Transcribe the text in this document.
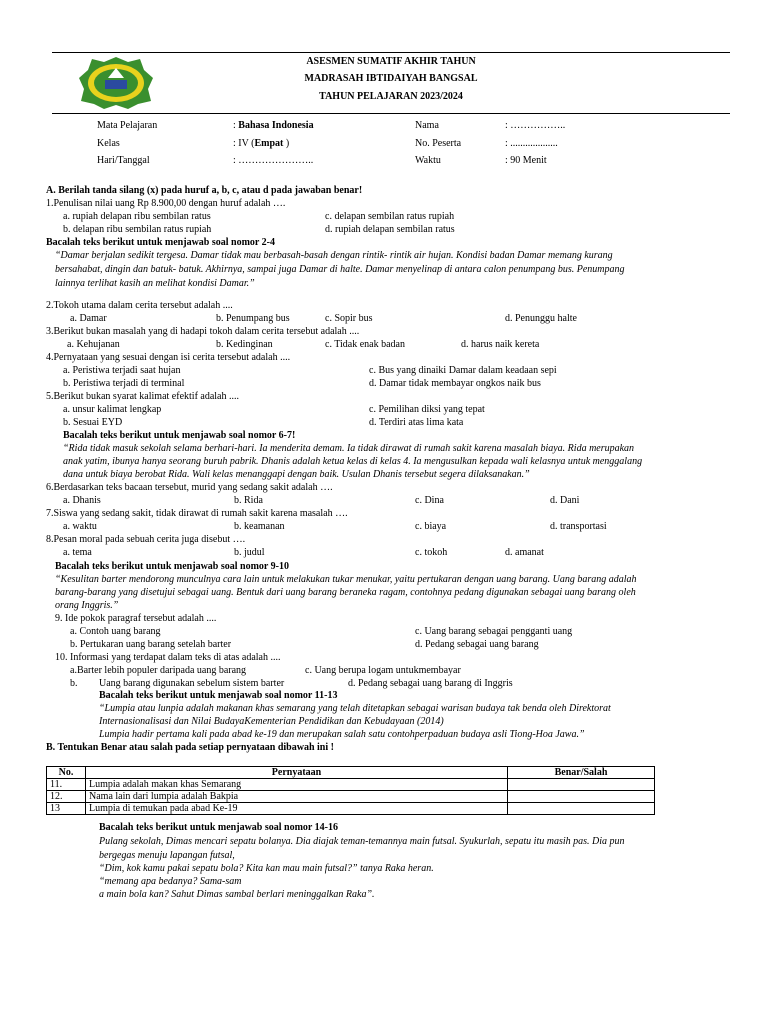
ASESMEN SUMATIF AKHIR TAHUN
MADRASAH IBTIDAIYAH BANGSAL
TAHUN PELAJARAN 2023/2024
Mata Pelajaran	: Bahasa Indonesia
Kelas	: IV (Empat )
Hari/Tanggal	: …………………..
Nama	: ……………..
No. Peserta	: ...................
Waktu	: 90 Menit
A. Berilah tanda silang (x) pada huruf a, b, c, atau d pada jawaban benar!
1.Penulisan nilai uang Rp 8.900,00 dengan huruf adalah ….
a. rupiah delapan ribu sembilan ratus	c. delapan sembilan ratus rupiah
b. delapan ribu sembilan ratus rupiah	d. rupiah delapan sembilan ratus
Bacalah teks berikut untuk menjawab soal nomor 2-4
“Damar berjalan sedikit tergesa. Damar tidak mau berbasah-basah dengan rintik- rintik air hujan. Kondisi badan Damar memang kurang
bersahabat, dingin dan batuk- batuk. Akhirnya, sampai juga Damar di halte. Damar menyelinap di antara calon penumpang bus. Penumpang
lainnya terlihat kasih an melihat kondisi Damar.”
2.Tokoh utama dalam cerita tersebut adalah ....
a. Damar	b. Penumpang bus	c. Sopir bus	d. Penunggu halte
3.Berikut bukan masalah yang di hadapi tokoh dalam cerita tersebut adalah ....
a. Kehujanan	b. Kedinginan	c. Tidak enak badan	d. harus naik kereta
4.Pernyataan yang sesuai dengan isi cerita tersebut adalah ....
a. Peristiwa terjadi saat hujan	c. Bus yang dinaiki Damar dalam keadaan sepi
b. Peristiwa terjadi di terminal	d. Damar tidak membayar ongkos naik bus
5.Berikut bukan syarat kalimat efektif adalah ....
a. unsur kalimat lengkap	c. Pemilihan diksi yang tepat
b. Sesuai EYD	d. Terdiri atas lima kata
Bacalah teks berikut untuk menjawab soal nomor 6-7!
“Rida tidak masuk sekolah selama berhari-hari. Ia menderita demam. Ia tidak dirawat di rumah sakit karena masalah biaya. Rida merupakan
anak yatim, ibunya hanya seorang buruh pabrik. Dhanis adalah ketua kelas di kelas 4. Ia mengusulkan kepada wali kelasnya untuk menggalang
dana untuk biaya berobat Rida. Wali kelas menanggapi dengan baik. Usulan Dhanis tersebut segera dilaksanakan.”
6.Berdasarkan teks bacaan tersebut, murid yang sedang sakit adalah ….
a. Dhanis	b. Rida	c. Dina	d. Dani
7.Siswa yang sedang sakit, tidak dirawat di rumah sakit karena masalah ….
a. waktu	b. keamanan	c. biaya	d. transportasi
8.Pesan moral pada sebuah cerita juga disebut ….
a. tema	b. judul	c. tokoh	d. amanat
Bacalah teks berikut untuk menjawab soal nomor 9-10
“Kesulitan barter mendorong munculnya cara lain untuk melakukan tukar menukar, yaitu pertukaran dengan uang barang. Uang barang adalah
barang-barang yang disetujui sebagai uang. Bentuk dari uang barang beraneka ragam, contohnya pedang digunakan sebagai uang barang oleh
orang Inggris.”
9. Ide pokok paragraf tersebut adalah ....
a. Contoh uang barang	c. Uang barang sebagai pengganti uang
b. Pertukaran uang barang setelah barter	d. Pedang sebagai uang barang
10. Informasi yang terdapat dalam teks di atas adalah ....
a.Barter lebih populer daripada uang barang	c. Uang berupa logam untukmembayar
b. Uang barang digunakan sebelum sistem barter	d. Pedang sebagai uang barang di Inggris
Bacalah teks berikut untuk menjawab soal nomor 11-13
“Lumpia atau lunpia adalah makanan khas semarang yang telah ditetapkan sebagai warisan budaya tak benda oleh Direktorat
Internasionalisasi dan Nilai BudayaKementerian Pendidikan dan Kebudayaan (2014)
Lumpia hadir pertama kali pada abad ke-19 dan merupakan salah satu contohperpaduan budaya asli Tiong-Hoa Jawa.”
B. Tentukan Benar atau salah pada setiap pernyataan dibawah ini !
No.	Pernyataan	Benar/Salah
11.	Lumpia adalah makan khas Semarang	
12.	Nama lain dari lumpia adalah Bakpia	
13	Lumpia di temukan pada abad Ke-19	
Bacalah teks berikut untuk menjawab soal nomor 14-16
Pulang sekolah, Dimas mencari sepatu bolanya. Dia diajak teman-temannya main futsal. Syukurlah, sepatu itu masih pas. Dia pun
bergegas menuju lapangan futsal,
“Dim, kok kamu pakai sepatu bola? Kita kan mau main futsal?” tanya Raka heran.
“memang apa bedanya? Sama-sam
a main bola kan? Sahut Dimas sambal berlari meninggalkan Raka”.
